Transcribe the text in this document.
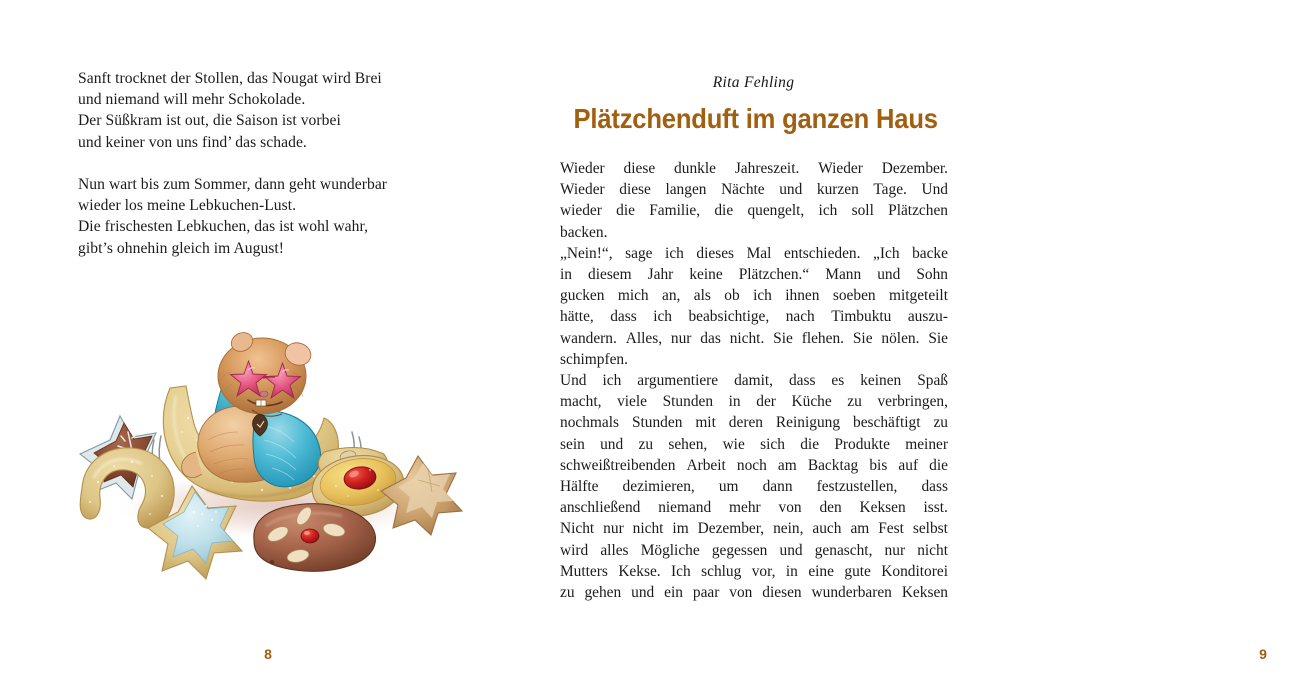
Sanft trocknet der Stollen, das Nougat wird Brei
und niemand will mehr Schokolade.
Der Süßkram ist out, die Saison ist vorbei
und keiner von uns find’ das schade.
Nun wart bis zum Sommer, dann geht wunderbar
wieder los meine Lebkuchen-Lust.
Die frischesten Lebkuchen, das ist wohl wahr,
gibt’s ohnehin gleich im August!
8
Rita Fehling
Plätzchenduft im ganzen Haus

Wieder diese dunkle Jahreszeit. Wieder Dezember.
Wieder diese langen Nächte und kurzen Tage. Und
wieder die Familie, die quengelt, ich soll Plätzchen
backen.

„Nein!“, sage ich dieses Mal entschieden. „Ich backe
in diesem Jahr keine Plätzchen.“ Mann und Sohn
gucken mich an, als ob ich ihnen soeben mitgeteilt
hätte, dass ich beabsichtige, nach Timbuktu auszu-
wandern. Alles, nur das nicht. Sie flehen. Sie nölen. Sie
schimpfen.

Und ich argumentiere damit, dass es keinen Spaß
macht, viele Stunden in der Küche zu verbringen,
nochmals Stunden mit deren Reinigung beschäftigt zu
sein und zu sehen, wie sich die Produkte meiner
schweißtreibenden Arbeit noch am Backtag bis auf die
Hälfte dezimieren, um dann festzustellen, dass
anschließend niemand mehr von den Keksen isst.
Nicht nur nicht im Dezember, nein, auch am Fest selbst
wird alles Mögliche gegessen und genascht, nur nicht
Mutters Kekse. Ich schlug vor, in eine gute Konditorei
zu gehen und ein paar von diesen wunderbaren Keksen

9
